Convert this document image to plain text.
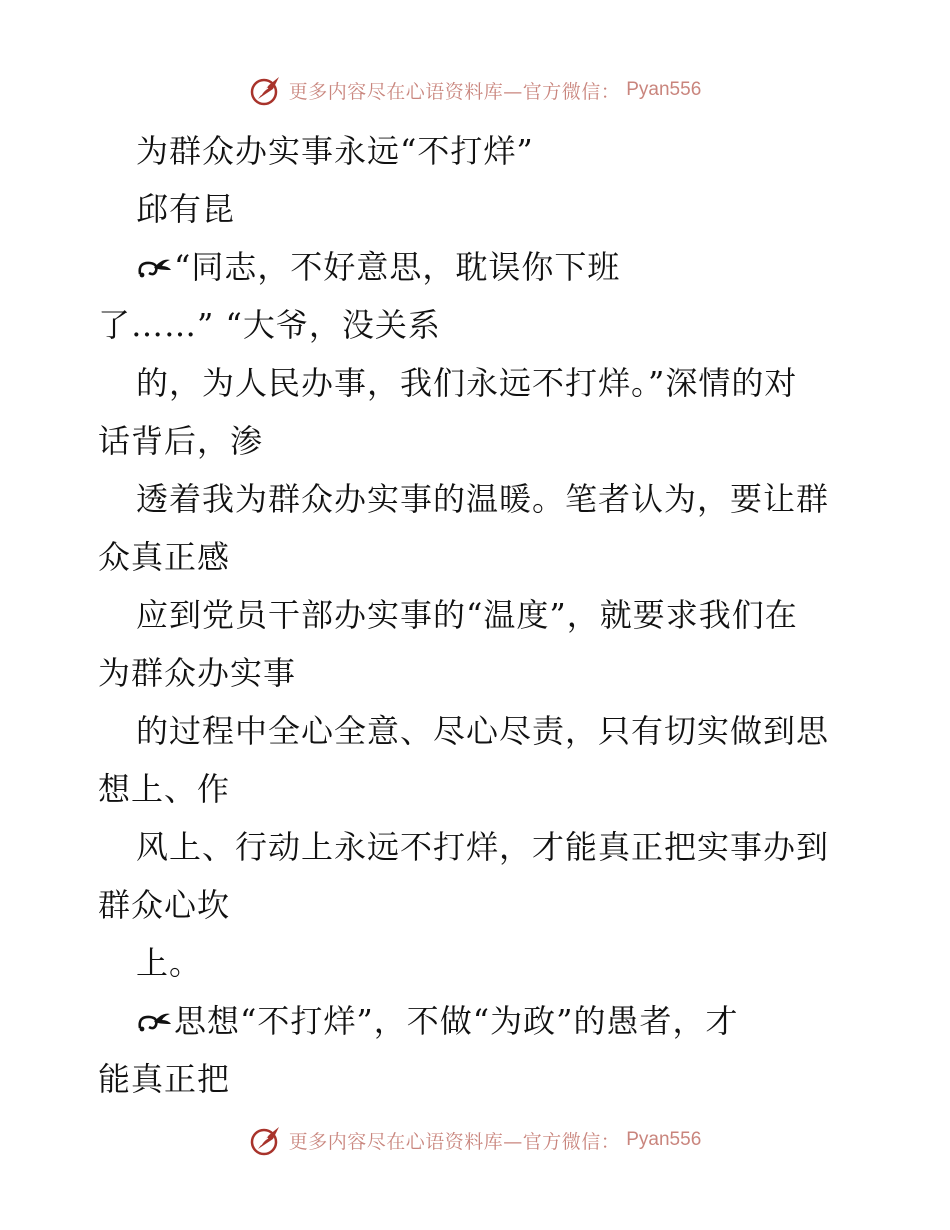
更多内容尽在心语资料库—官方微信： Pyan556
为群众办实事永远“不打烊”
邱有昆
“同志，不好意思，耽误你下班
了……” “大爷，没关系
的，为人民办事，我们永远不打烊。”深情的对
话背后，渗
透着我为群众办实事的温暖。笔者认为，要让群
众真正感
应到党员干部办实事的“温度”，就要求我们在
为群众办实事
的过程中全心全意、尽心尽责，只有切实做到思
想上、作
风上、行动上永远不打烊，才能真正把实事办到
群众心坎
上。
思想“不打烊”，不做“为政”的愚者，才
能真正把
更多内容尽在心语资料库—官方微信： Pyan556
